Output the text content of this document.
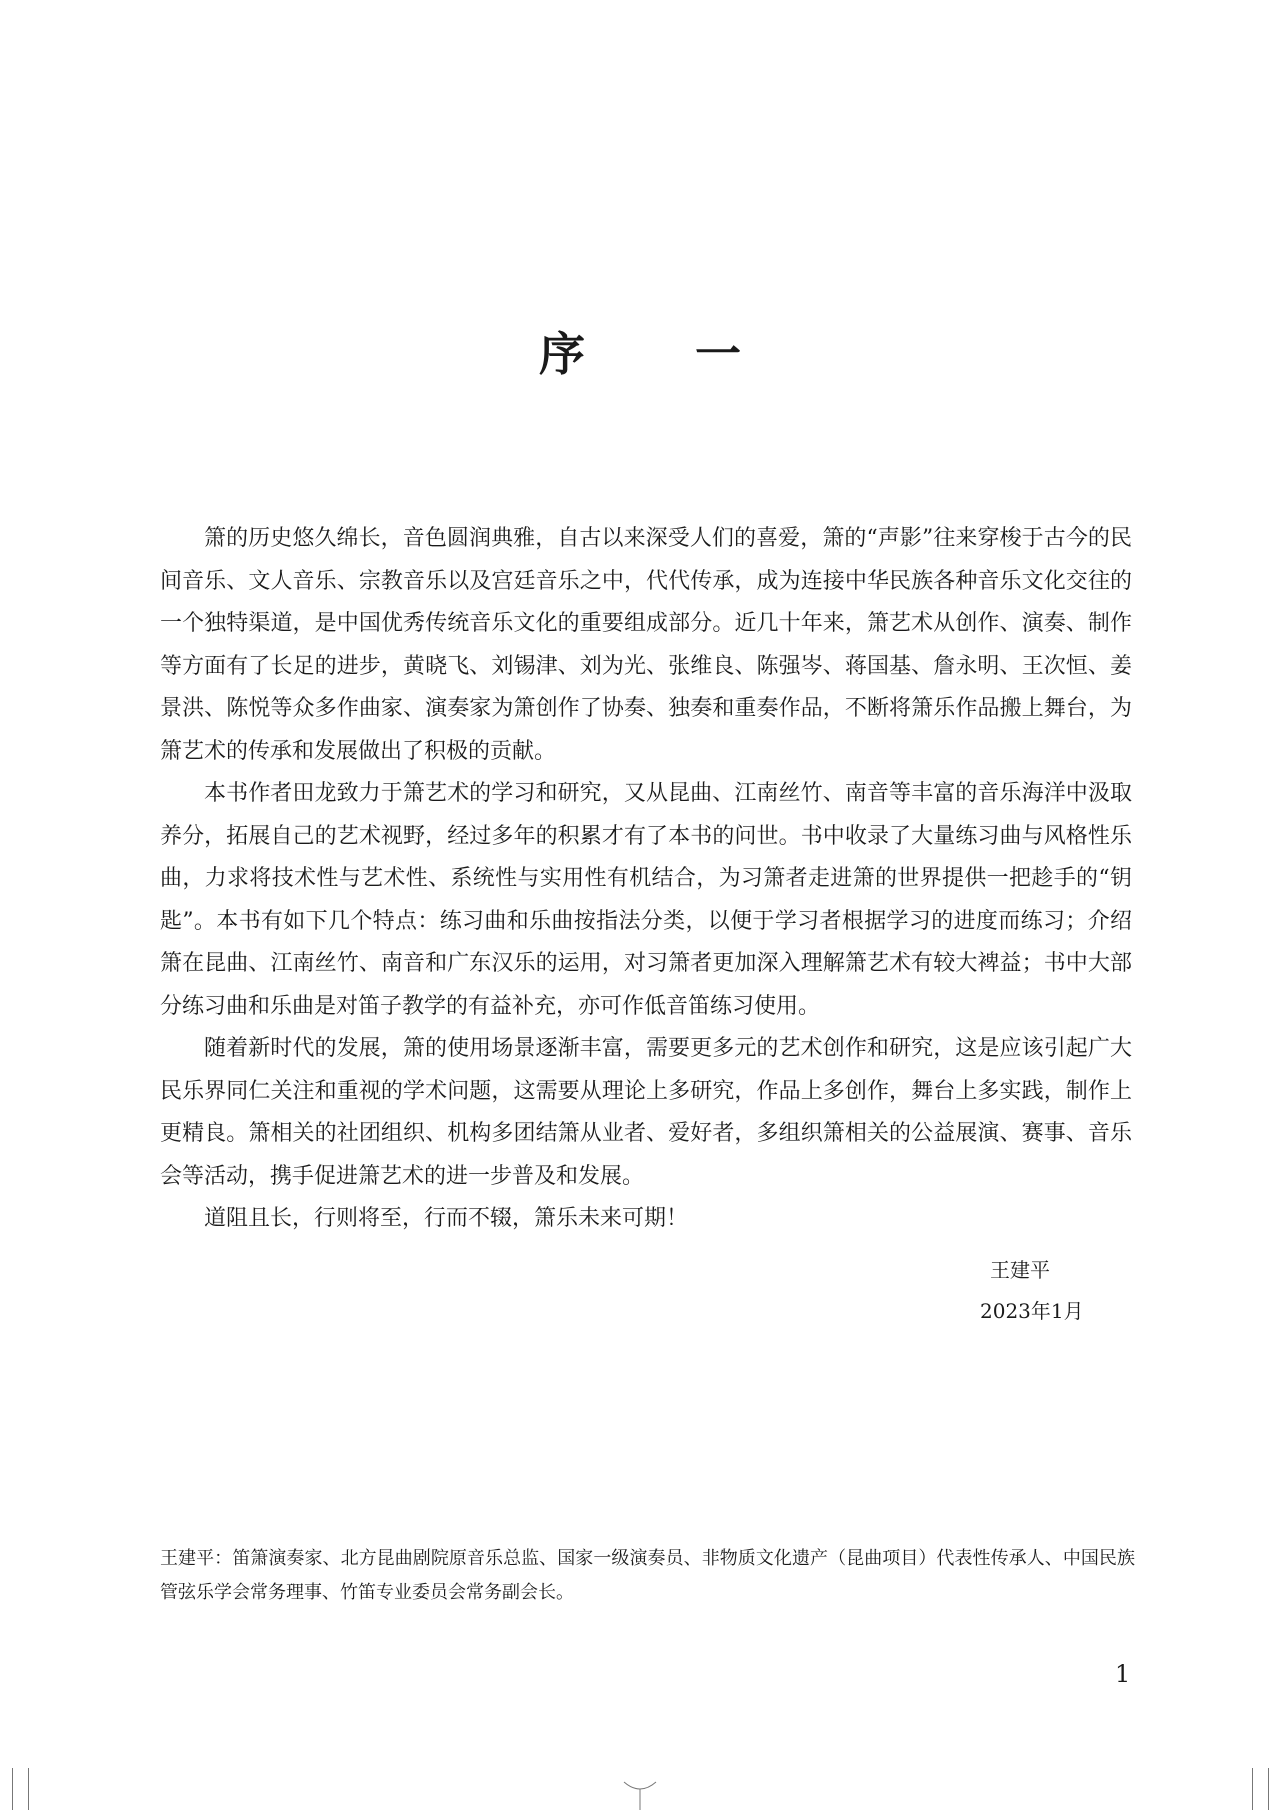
序 一

箫的历史悠久绵长，音色圆润典雅，自古以来深受人们的喜爱，箫的“声影”往来穿梭于古今的民间音乐、文人音乐、宗教音乐以及宫廷音乐之中，代代传承，成为连接中华民族各种音乐文化交往的一个独特渠道，是中国优秀传统音乐文化的重要组成部分。近几十年来，箫艺术从创作、演奏、制作等方面有了长足的进步，黄晓飞、刘锡津、刘为光、张维良、陈强岑、蒋国基、詹永明、王次恒、姜景洪、陈悦等众多作曲家、演奏家为箫创作了协奏、独奏和重奏作品，不断将箫乐作品搬上舞台，为箫艺术的传承和发展做出了积极的贡献。

本书作者田龙致力于箫艺术的学习和研究，又从昆曲、江南丝竹、南音等丰富的音乐海洋中汲取养分，拓展自己的艺术视野，经过多年的积累才有了本书的问世。书中收录了大量练习曲与风格性乐曲，力求将技术性与艺术性、系统性与实用性有机结合，为习箫者走进箫的世界提供一把趁手的“钥匙”。本书有如下几个特点：练习曲和乐曲按指法分类，以便于学习者根据学习的进度而练习；介绍箫在昆曲、江南丝竹、南音和广东汉乐的运用，对习箫者更加深入理解箫艺术有较大裨益；书中大部分练习曲和乐曲是对笛子教学的有益补充，亦可作低音笛练习使用。

随着新时代的发展，箫的使用场景逐渐丰富，需要更多元的艺术创作和研究，这是应该引起广大民乐界同仁关注和重视的学术问题，这需要从理论上多研究，作品上多创作，舞台上多实践，制作上更精良。箫相关的社团组织、机构多团结箫从业者、爱好者，多组织箫相关的公益展演、赛事、音乐会等活动，携手促进箫艺术的进一步普及和发展。

道阻且长，行则将至，行而不辍，箫乐未来可期！

王建平
2023年1月
王建平：笛箫演奏家、北方昆曲剧院原音乐总监、国家一级演奏员、非物质文化遗产（昆曲项目）代表性传承人、中国民族管弦乐学会常务理事、竹笛专业委员会常务副会长。
1
